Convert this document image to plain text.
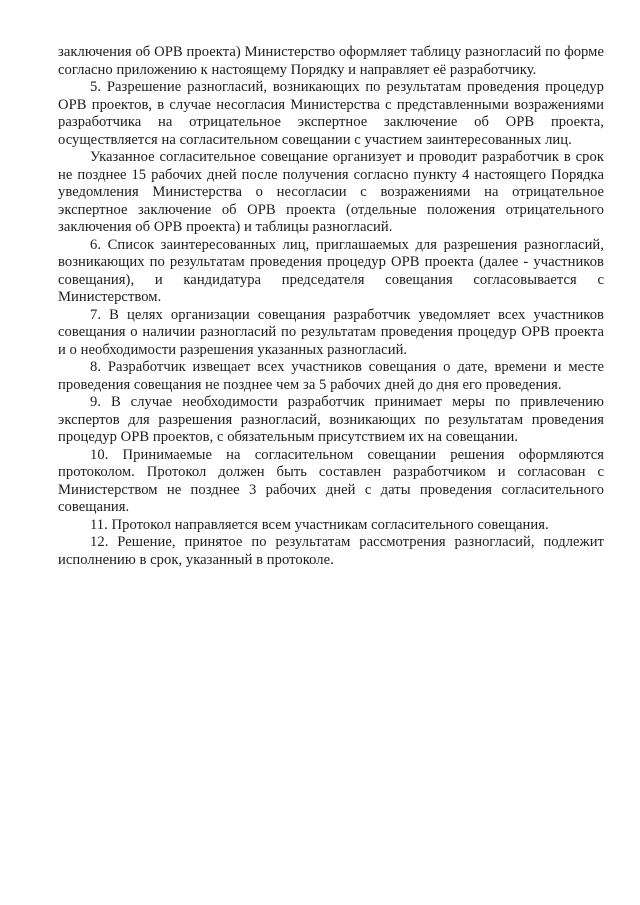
заключения об ОРВ проекта) Министерство оформляет таблицу разногласий по форме согласно приложению к настоящему Порядку и направляет её разработчику.

5. Разрешение разногласий, возникающих по результатам проведения процедур ОРВ проектов, в случае несогласия Министерства с представленными возражениями разработчика на отрицательное экспертное заключение об ОРВ проекта, осуществляется на согласительном совещании с участием заинтересованных лиц.

Указанное согласительное совещание организует и проводит разработчик в срок не позднее 15 рабочих дней после получения согласно пункту 4 настоящего Порядка уведомления Министерства о несогласии с возражениями на отрицательное экспертное заключение об ОРВ проекта (отдельные положения отрицательного заключения об ОРВ проекта) и таблицы разногласий.

6. Список заинтересованных лиц, приглашаемых для разрешения разногласий, возникающих по результатам проведения процедур ОРВ проекта (далее - участников совещания), и кандидатура председателя совещания согласовывается с Министерством.

7. В целях организации совещания разработчик уведомляет всех участников совещания о наличии разногласий по результатам проведения процедур ОРВ проекта и о необходимости разрешения указанных разногласий.

8. Разработчик извещает всех участников совещания о дате, времени и месте проведения совещания не позднее чем за 5 рабочих дней до дня его проведения.

9. В случае необходимости разработчик принимает меры по привлечению экспертов для разрешения разногласий, возникающих по результатам проведения процедур ОРВ проектов, с обязательным присутствием их на совещании.

10. Принимаемые на согласительном совещании решения оформляются протоколом. Протокол должен быть составлен разработчиком и согласован с Министерством не позднее 3 рабочих дней с даты проведения согласительного совещания.

11. Протокол направляется всем участникам согласительного совещания.

12. Решение, принятое по результатам рассмотрения разногласий, подлежит исполнению в срок, указанный в протоколе.
